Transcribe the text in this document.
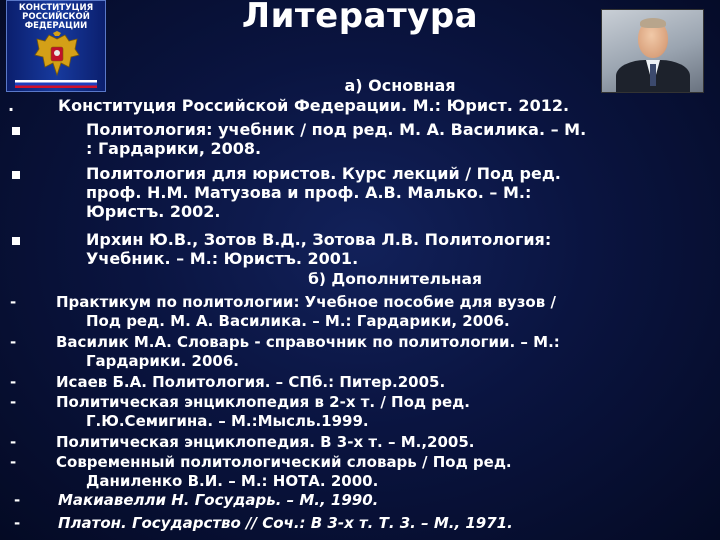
КОНСТИТУЦИЯ
РОССИЙСКОЙ
ФЕДЕРАЦИИ	Литература
а) Основная
б) Дополнительная
.	Конституция Российской Федерации. М.: Юрист. 2012.
Политология: учебник / под ред. М. А. Василика. – М.
: Гардарики, 2008.
Политология для юристов. Курс лекций / Под ред.
проф. Н.М. Матузова и проф. А.В. Малько. – М.:
Юристъ. 2002.
Ирхин Ю.В., Зотов В.Д., Зотова Л.В. Политология:
Учебник. – М.: Юристъ. 2001.
-	Практикум по политологии: Учебное пособие для вузов /
Под ред. М. А. Василика. – М.: Гардарики, 2006.
-	Василик М.А. Словарь - справочник по политологии. – М.:
Гардарики. 2006.
-	Исаев Б.А. Политология. – СПб.: Питер.2005.
-	Политическая энциклопедия в 2-х т. / Под ред.
Г.Ю.Семигина. – М.:Мысль.1999.
-	Политическая энциклопедия. В 3-х т. – М.,2005.
-	Современный политологический словарь / Под ред.
Даниленко В.И. – М.: НОТА. 2000.
-	Макиавелли Н. Государь. – М., 1990.
-	Платон. Государство // Соч.: В 3-х т. Т. 3. – М., 1971.
